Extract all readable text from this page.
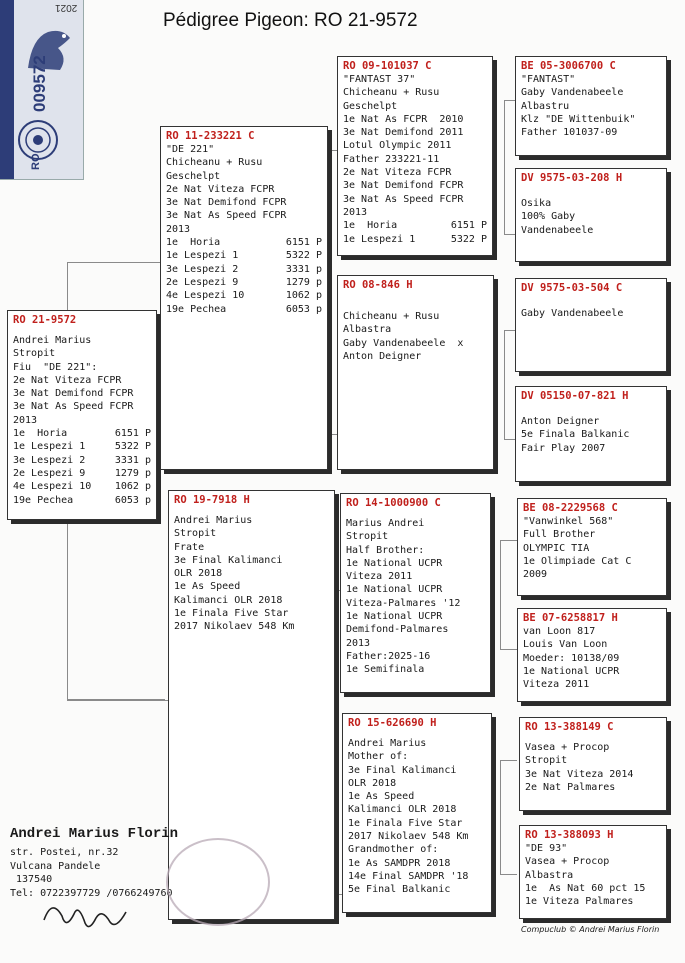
2021
009572
RO
Pédigree Pigeon: RO 21-9572
RO 21-9572
Andrei Marius
Stropit
Fiu  "DE 221":
2e Nat Viteza FCPR
3e Nat Demifond FCPR
3e Nat As Speed FCPR
2013
1e  Horia	6151 P
1e Lespezi 1	5322 P
3e Lespezi 2	3331 p
2e Lespezi 9	1279 p
4e Lespezi 10 1062 p
19e Pechea	6053 p
RO 11-233221 C
"DE 221"
Chicheanu + Rusu
Geschelpt
2e Nat Viteza FCPR
3e Nat Demifond FCPR
3e Nat As Speed FCPR
2013
1e  Horia	6151 P
1e Lespezi 1	5322 P
3e Lespezi 2	3331 p
2e Lespezi 9	1279 p
4e Lespezi 10	1062 p
19e Pechea	6053 p
RO 19-7918 H
Andrei Marius
Stropit
Frate
3e Final Kalimanci
OLR 2018
1e As Speed
Kalimanci OLR 2018
1e Finala Five Star
2017 Nikolaev 548 Km
RO 09-101037 C
"FANTAST 37"
Chicheanu + Rusu
Geschelpt
1e Nat As FCPR  2010
3e Nat Demifond 2011
Lotul Olympic 2011
Father 233221-11
2e Nat Viteza FCPR
3e Nat Demifond FCPR
3e Nat As Speed FCPR
2013
1e  Horia	6151 P
1e Lespezi 1	5322 P
RO 08-846 H
Chicheanu + Rusu
Albastra
Gaby Vandenabeele  x
Anton Deigner
RO 14-1000900 C
Marius Andrei
Stropit
Half Brother:
1e National UCPR
Viteza 2011
1e National UCPR
Viteza-Palmares '12
1e National UCPR
Demifond-Palmares
2013
Father:2025-16
1e Semifinala
RO 15-626690 H
Andrei Marius
Mother of:
3e Final Kalimanci
OLR 2018
1e As Speed
Kalimanci OLR 2018
1e Finala Five Star
2017 Nikolaev 548 Km
Grandmother of:
1e As SAMDPR 2018
14e Final SAMDPR '18
5e Final Balkanic
BE 05-3006700 C
"FANTAST"
Gaby Vandenabeele
Albastru
Klz "DE Wittenbuik"
Father 101037-09
DV 9575-03-208 H
Osika
100% Gaby
Vandenabeele
DV 9575-03-504 C
Gaby Vandenabeele
DV 05150-07-821 H
Anton Deigner
5e Finala Balkanic
Fair Play 2007
BE 08-2229568 C
"Vanwinkel 568"
Full Brother
OLYMPIC TIA
1e Olimpiade Cat C
2009
BE 07-6258817 H
van Loon 817
Louis Van Loon
Moeder: 10138/09
1e National UCPR
Viteza 2011
RO 13-388149 C
Vasea + Procop
Stropit
3e Nat Viteza 2014
2e Nat Palmares
RO 13-388093 H
"DE 93"
Vasea + Procop
Albastra
1e  As Nat 60 pct 15
1e Viteza Palmares
Andrei Marius Florin
str. Postei, nr.32
Vulcana Pandele
137540
Tel: 0722397729 /0766249760
Compuclub © Andrei Marius Florin
